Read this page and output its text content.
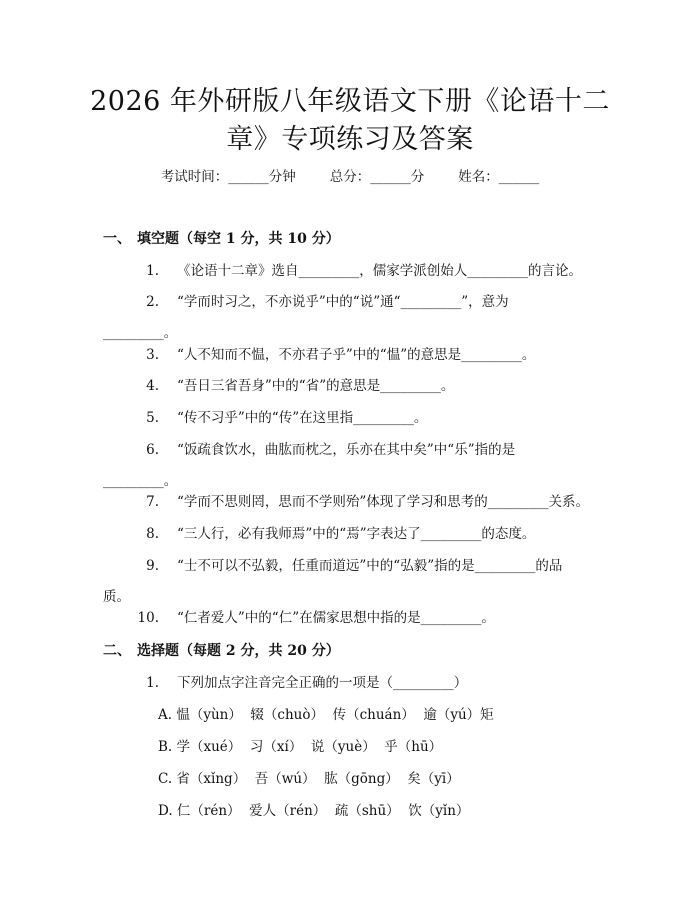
2026 年外研版八年级语文下册《论语十二
章》专项练习及答案
考试时间：______分钟	总分：______分	姓名：______
一、 填空题（每空 1 分，共 10 分）
1. 《论语十二章》选自_________，儒家学派创始人_________的言论。
2. “学而时习之，不亦说乎”中的“说”通“_________”，意为
_________。
3. “人不知而不愠，不亦君子乎”中的“愠”的意思是_________。
4. “吾日三省吾身”中的“省”的意思是_________。
5. “传不习乎”中的“传”在这里指_________。
6. “饭疏食饮水，曲肱而枕之，乐亦在其中矣”中“乐”指的是
_________。
7. “学而不思则罔，思而不学则殆”体现了学习和思考的_________关系。
8. “三人行，必有我师焉”中的“焉”字表达了_________的态度。
9. “士不可以不弘毅，任重而道远”中的“弘毅”指的是_________的品
质。
10. “仁者爱人”中的“仁”在儒家思想中指的是_________。
二、 选择题（每题 2 分，共 20 分）
1. 下列加点字注音完全正确的一项是（_________）
A. 愠（yùn）  辍（chuò）  传（chuán）  逾（yú）矩
B. 学（xué）  习（xí）  说（yuè）  乎（hū）
C. 省（xǐng）  吾（wú）  肱（gōng）  矣（yī）
D. 仁（rén）  爱人（rén）  疏（shū）  饮（yǐn）
